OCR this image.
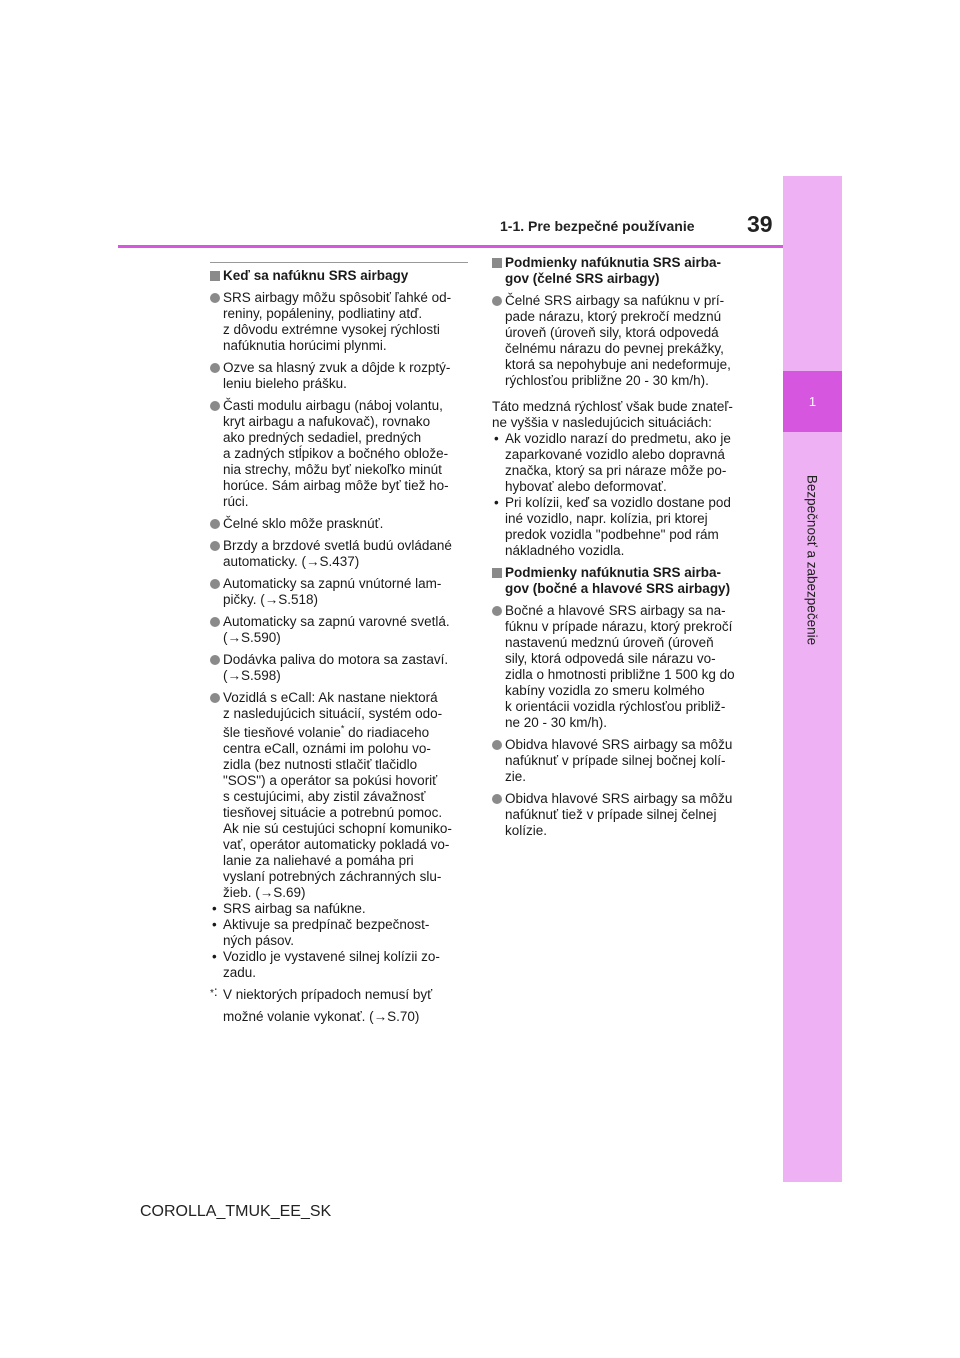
1
Bezpečnosť a zabezpečenie
1-1. Pre bezpečné používanie 39
Keď sa nafúknu SRS airbagy
SRS airbagy môžu spôsobiť ľahké od-
reniny, popáleniny, podliatiny atď.
z dôvodu extrémne vysokej rýchlosti
nafúknutia horúcimi plynmi.
Ozve sa hlasný zvuk a dôjde k rozptý-
leniu bieleho prášku.
Časti modulu airbagu (náboj volantu,
kryt airbagu a nafukovač), rovnako
ako predných sedadiel, predných
a zadných stĺpikov a bočného oblože-
nia strechy, môžu byť niekoľko minút
horúce. Sám airbag môže byť tiež ho-
rúci.
Čelné sklo môže prasknúť.
Brzdy a brzdové svetlá budú ovládané
automaticky. (→S.437)
Automaticky sa zapnú vnútorné lam-
pičky. (→S.518)
Automaticky sa zapnú varovné svetlá.
(→S.590)
Dodávka paliva do motora sa zastaví.
(→S.598)
Vozidlá s eCall: Ak nastane niektorá
z nasledujúcich situácií, systém odo-
šle tiesňové volanie* do riadiaceho
centra eCall, oznámi im polohu vo-
zidla (bez nutnosti stlačiť tlačidlo
"SOS") a operátor sa pokúsi hovoriť
s cestujúcimi, aby zistil závažnosť
tiesňovej situácie a potrebnú pomoc.
Ak nie sú cestujúci schopní komuniko-
vať, operátor automaticky pokladá vo-
lanie za naliehavé a pomáha pri
vyslaní potrebných záchranných slu-
žieb. (→S.69)
• SRS airbag sa nafúkne.
• Aktivuje sa predpínač bezpečnost-
ných pásov.
• Vozidlo je vystavené silnej kolízii zo-
zadu.
*: V niektorých prípadoch nemusí byť
možné volanie vykonať. (→S.70)
Podmienky nafúknutia SRS airba-
gov (čelné SRS airbagy)
Čelné SRS airbagy sa nafúknu v prí-
pade nárazu, ktorý prekročí medznú
úroveň (úroveň sily, ktorá odpovedá
čelnému nárazu do pevnej prekážky,
ktorá sa nepohybuje ani nedeformuje,
rýchlosťou približne 20 - 30 km/h).
Táto medzná rýchlosť však bude znateľ-
ne vyššia v nasledujúcich situáciách:
• Ak vozidlo narazí do predmetu, ako je
zaparkované vozidlo alebo dopravná
značka, ktorý sa pri náraze môže po-
hybovať alebo deformovať.
• Pri kolízii, keď sa vozidlo dostane pod
iné vozidlo, napr. kolízia, pri ktorej
predok vozidla "podbehne" pod rám
nákladného vozidla.
Podmienky nafúknutia SRS airba-
gov (bočné a hlavové SRS airbagy)
Bočné a hlavové SRS airbagy sa na-
fúknu v prípade nárazu, ktorý prekročí
nastavenú medznú úroveň (úroveň
sily, ktorá odpovedá sile nárazu vo-
zidla o hmotnosti približne 1 500 kg do
kabíny vozidla zo smeru kolmého
k orientácii vozidla rýchlosťou približ-
ne 20 - 30 km/h).
Obidva hlavové SRS airbagy sa môžu
nafúknuť v prípade silnej bočnej kolí-
zie.
Obidva hlavové SRS airbagy sa môžu
nafúknuť tiež v prípade silnej čelnej
kolízie.
COROLLA_TMUK_EE_SK
